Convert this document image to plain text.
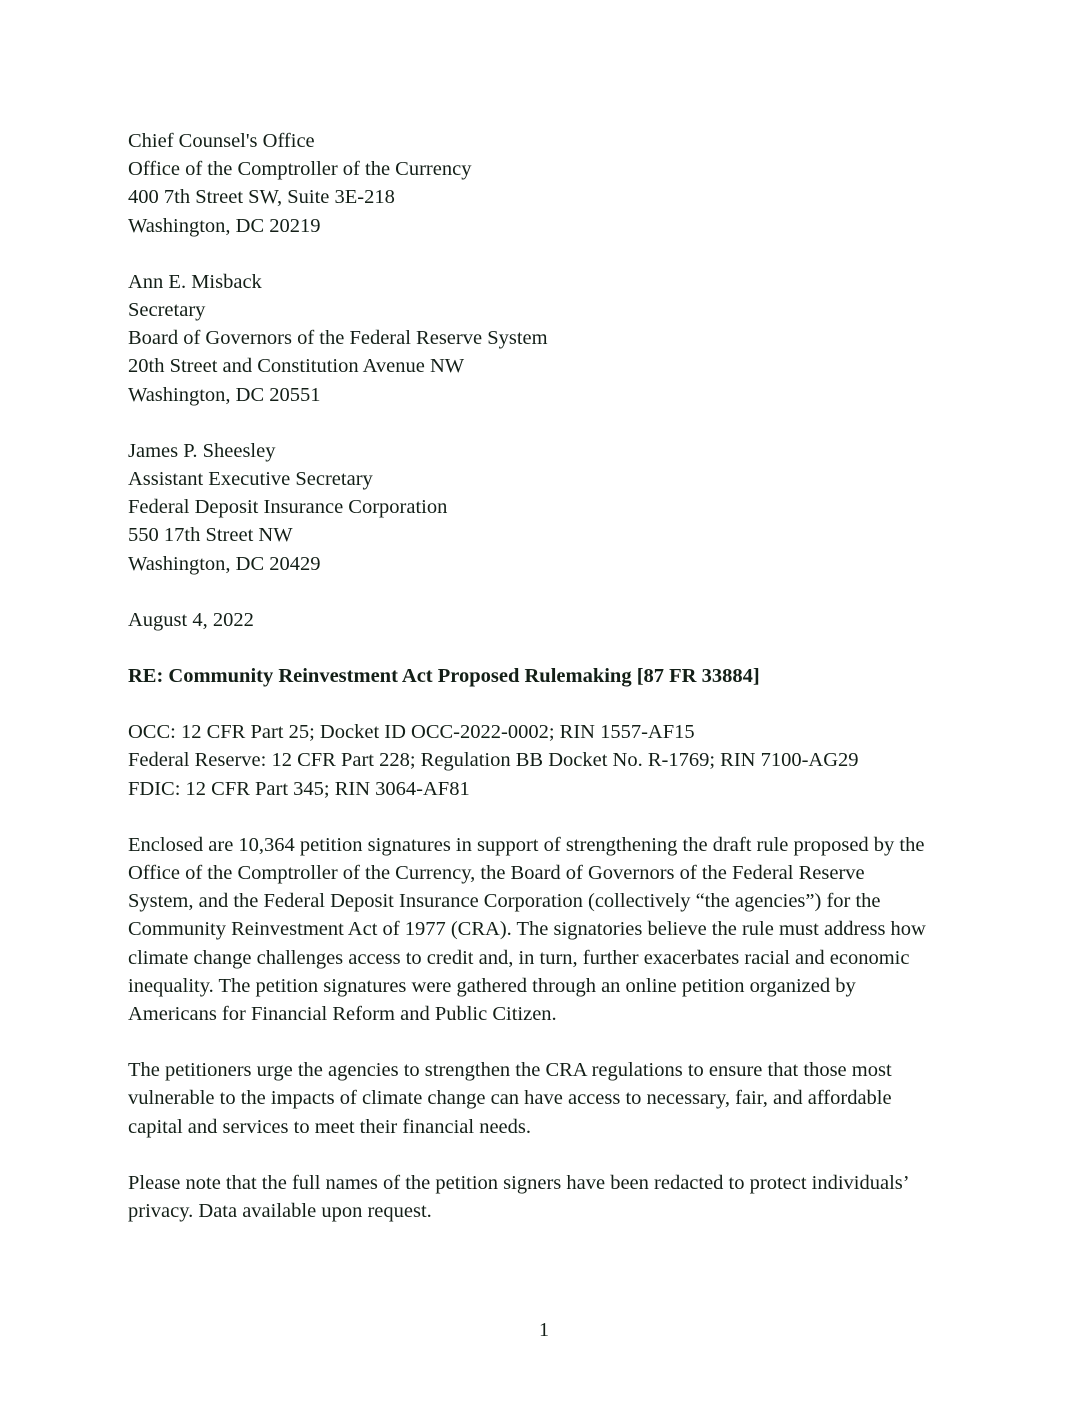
Chief Counsel's Office
Office of the Comptroller of the Currency
400 7th Street SW, Suite 3E-218
Washington, DC 20219
Ann E. Misback
Secretary
Board of Governors of the Federal Reserve System
20th Street and Constitution Avenue NW
Washington, DC 20551
James P. Sheesley
Assistant Executive Secretary
Federal Deposit Insurance Corporation
550 17th Street NW
Washington, DC 20429
August 4, 2022
RE: Community Reinvestment Act Proposed Rulemaking [87 FR 33884]
OCC: 12 CFR Part 25; Docket ID OCC-2022-0002; RIN 1557-AF15
Federal Reserve: 12 CFR Part 228; Regulation BB Docket No. R-1769; RIN 7100-AG29
FDIC: 12 CFR Part 345; RIN 3064-AF81
Enclosed are 10,364 petition signatures in support of strengthening the draft rule proposed by the
Office of the Comptroller of the Currency, the Board of Governors of the Federal Reserve
System, and the Federal Deposit Insurance Corporation (collectively “the agencies”) for the
Community Reinvestment Act of 1977 (CRA). The signatories believe the rule must address how
climate change challenges access to credit and, in turn, further exacerbates racial and economic
inequality. The petition signatures were gathered through an online petition organized by
Americans for Financial Reform and Public Citizen.
The petitioners urge the agencies to strengthen the CRA regulations to ensure that those most
vulnerable to the impacts of climate change can have access to necessary, fair, and affordable
capital and services to meet their financial needs.
Please note that the full names of the petition signers have been redacted to protect individuals’
privacy. Data available upon request.
1
